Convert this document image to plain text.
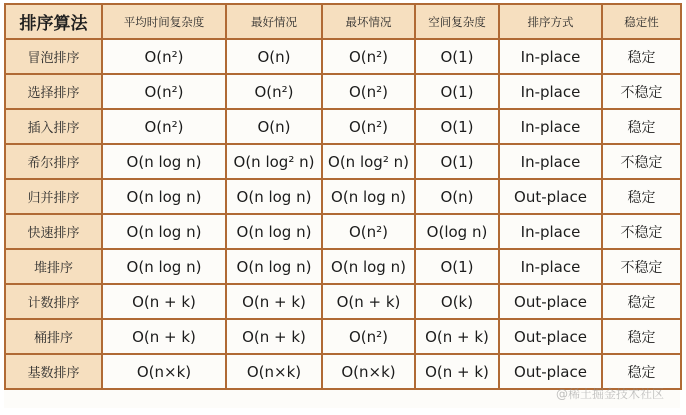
排序算法	平均时间复杂度	最好情况	最坏情况	空间复杂度	排序方式	稳定性
冒泡排序	O(n²)	O(n)	O(n²)	O(1)	In-place	稳定
选择排序	O(n²)	O(n²)	O(n²)	O(1)	In-place	不稳定
插入排序	O(n²)	O(n)	O(n²)	O(1)	In-place	稳定
希尔排序	O(n log n)	O(n log² n)	O(n log² n)	O(1)	In-place	不稳定
归并排序	O(n log n)	O(n log n)	O(n log n)	O(n)	Out-place	稳定
快速排序	O(n log n)	O(n log n)	O(n²)	O(log n)	In-place	不稳定
堆排序	O(n log n)	O(n log n)	O(n log n)	O(1)	In-place	不稳定
计数排序	O(n + k)	O(n + k)	O(n + k)	O(k)	Out-place	稳定
桶排序	O(n + k)	O(n + k)	O(n²)	O(n + k)	Out-place	稳定
基数排序	O(n×k)	O(n×k)	O(n×k)	O(n + k)	Out-place	稳定
@稀土掘金技术社区
